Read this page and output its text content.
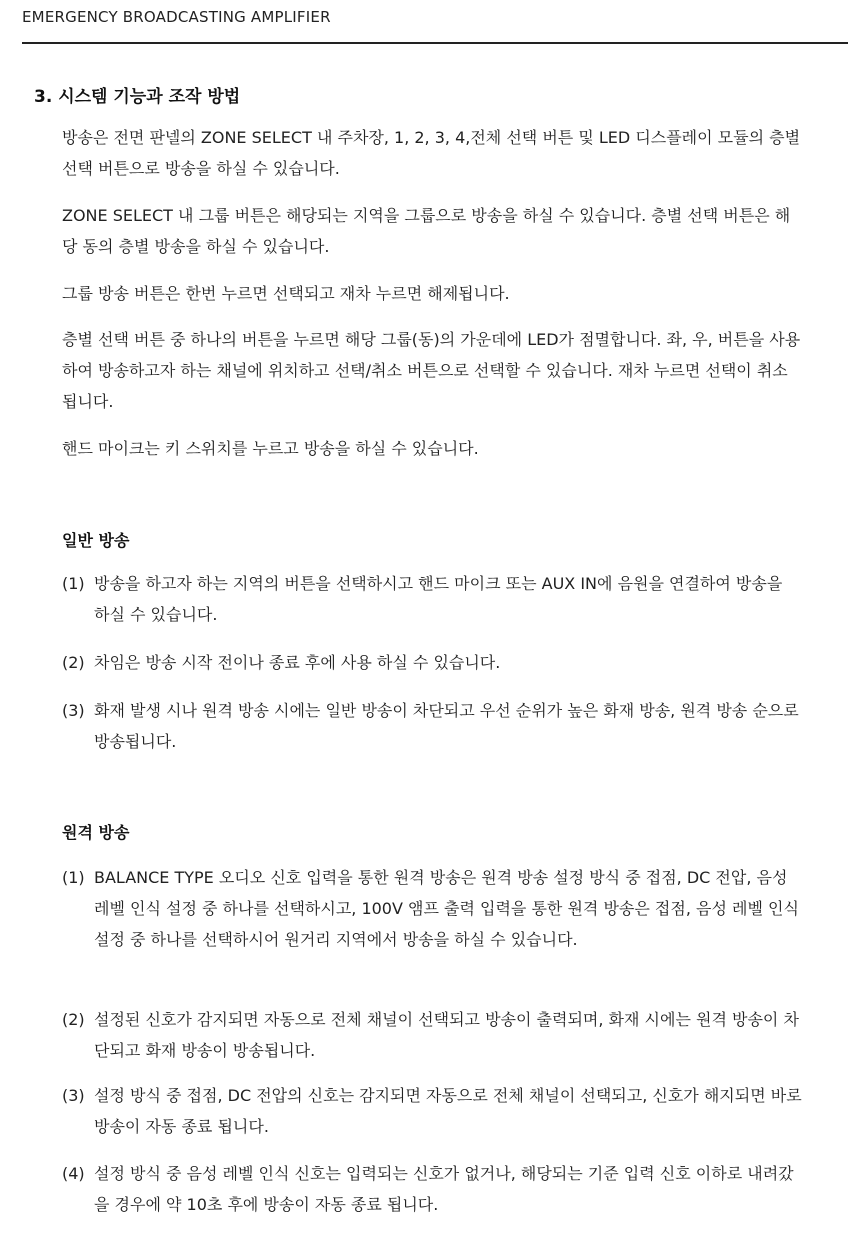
EMERGENCY BROADCASTING AMPLIFIER
3. 시스템 기능과 조작 방법
방송은 전면 판넬의 ZONE SELECT 내 주차장, 1, 2, 3, 4,전체 선택 버튼 및 LED 디스플레이 모듈의 층별 선택 버튼으로 방송을 하실 수 있습니다.
ZONE SELECT 내 그룹 버튼은 해당되는 지역을 그룹으로 방송을 하실 수 있습니다. 층별 선택 버튼은 해당 동의 층별 방송을 하실 수 있습니다.
그룹 방송 버튼은 한번 누르면 선택되고 재차 누르면 해제됩니다.
층별 선택 버튼 중 하나의 버튼을 누르면 해당 그룹(동)의 가운데에 LED가 점멸합니다. 좌, 우, 버튼을 사용하여 방송하고자 하는 채널에 위치하고 선택/취소 버튼으로 선택할 수 있습니다. 재차 누르면 선택이 취소됩니다.
핸드 마이크는 키 스위치를 누르고 방송을 하실 수 있습니다.
일반 방송
(1) 방송을 하고자 하는 지역의 버튼을 선택하시고 핸드 마이크 또는 AUX IN에 음원을 연결하여 방송을 하실 수 있습니다.
(2) 차임은 방송 시작 전이나 종료 후에 사용 하실 수 있습니다.
(3) 화재 발생 시나 원격 방송 시에는 일반 방송이 차단되고 우선 순위가 높은 화재 방송, 원격 방송 순으로 방송됩니다.
원격 방송
(1) BALANCE TYPE 오디오 신호 입력을 통한 원격 방송은 원격 방송 설정 방식 중 접점, DC 전압, 음성 레벨 인식 설정 중 하나를 선택하시고, 100V 앰프 출력 입력을 통한 원격 방송은 접점, 음성 레벨 인식 설정 중 하나를 선택하시어 원거리 지역에서 방송을 하실 수 있습니다.
(2) 설정된 신호가 감지되면 자동으로 전체 채널이 선택되고 방송이 출력되며, 화재 시에는 원격 방송이 차단되고 화재 방송이 방송됩니다.
(3) 설정 방식 중 접점, DC 전압의 신호는 감지되면 자동으로 전체 채널이 선택되고, 신호가 해지되면 바로 방송이 자동 종료 됩니다.
(4) 설정 방식 중 음성 레벨 인식 신호는 입력되는 신호가 없거나, 해당되는 기준 입력 신호 이하로 내려갔을 경우에 약 10초 후에 방송이 자동 종료 됩니다.
